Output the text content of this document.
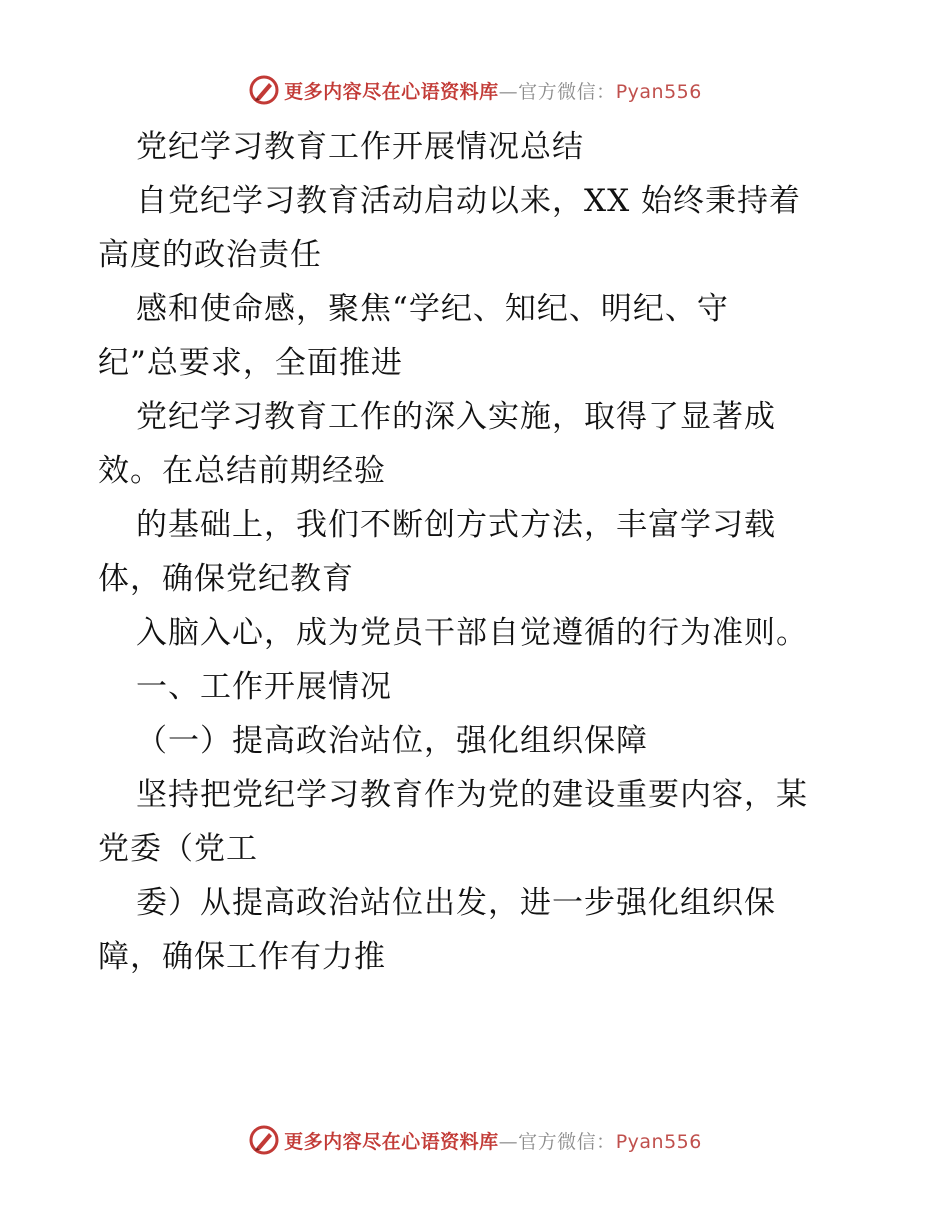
更多内容尽在心语资料库—官方微信：Pyan556
党纪学习教育工作开展情况总结
自党纪学习教育活动启动以来，XX 始终秉持着
高度的政治责任
感和使命感，聚焦“学纪、知纪、明纪、守
纪”总要求，全面推进
党纪学习教育工作的深入实施，取得了显著成
效。在总结前期经验
的基础上，我们不断创方式方法，丰富学习载
体，确保党纪教育
入脑入心，成为党员干部自觉遵循的行为准则。
一、工作开展情况
（一）提高政治站位，强化组织保障
坚持把党纪学习教育作为党的建设重要内容，某
党委（党工
委）从提高政治站位出发，进一步强化组织保
障，确保工作有力推
更多内容尽在心语资料库—官方微信：Pyan556
